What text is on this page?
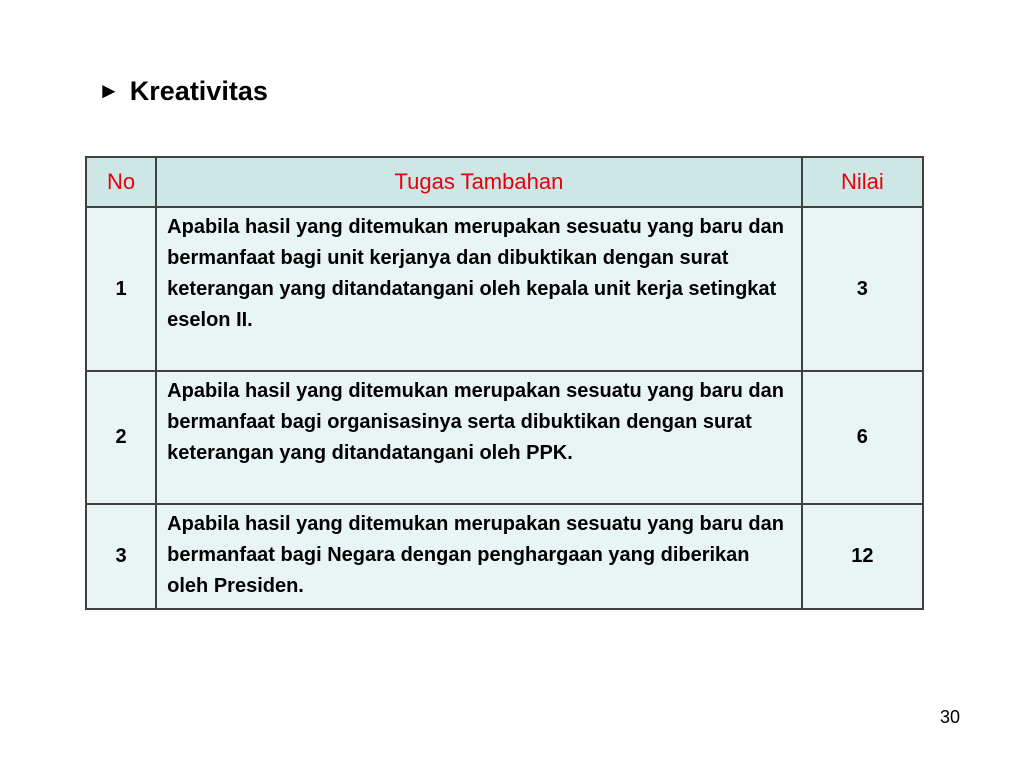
► Kreativitas
No	Tugas Tambahan	Nilai
1	Apabila hasil yang ditemukan merupakan sesuatu yang baru dan bermanfaat bagi unit kerjanya dan dibuktikan dengan surat keterangan yang ditandatangani oleh kepala unit kerja setingkat eselon II.	3
2	Apabila hasil yang ditemukan merupakan sesuatu yang baru dan bermanfaat bagi organisasinya serta dibuktikan dengan surat keterangan yang ditandatangani oleh PPK.	6
3	Apabila hasil yang ditemukan merupakan sesuatu yang baru dan bermanfaat bagi Negara dengan penghargaan yang diberikan oleh Presiden.	12
30
